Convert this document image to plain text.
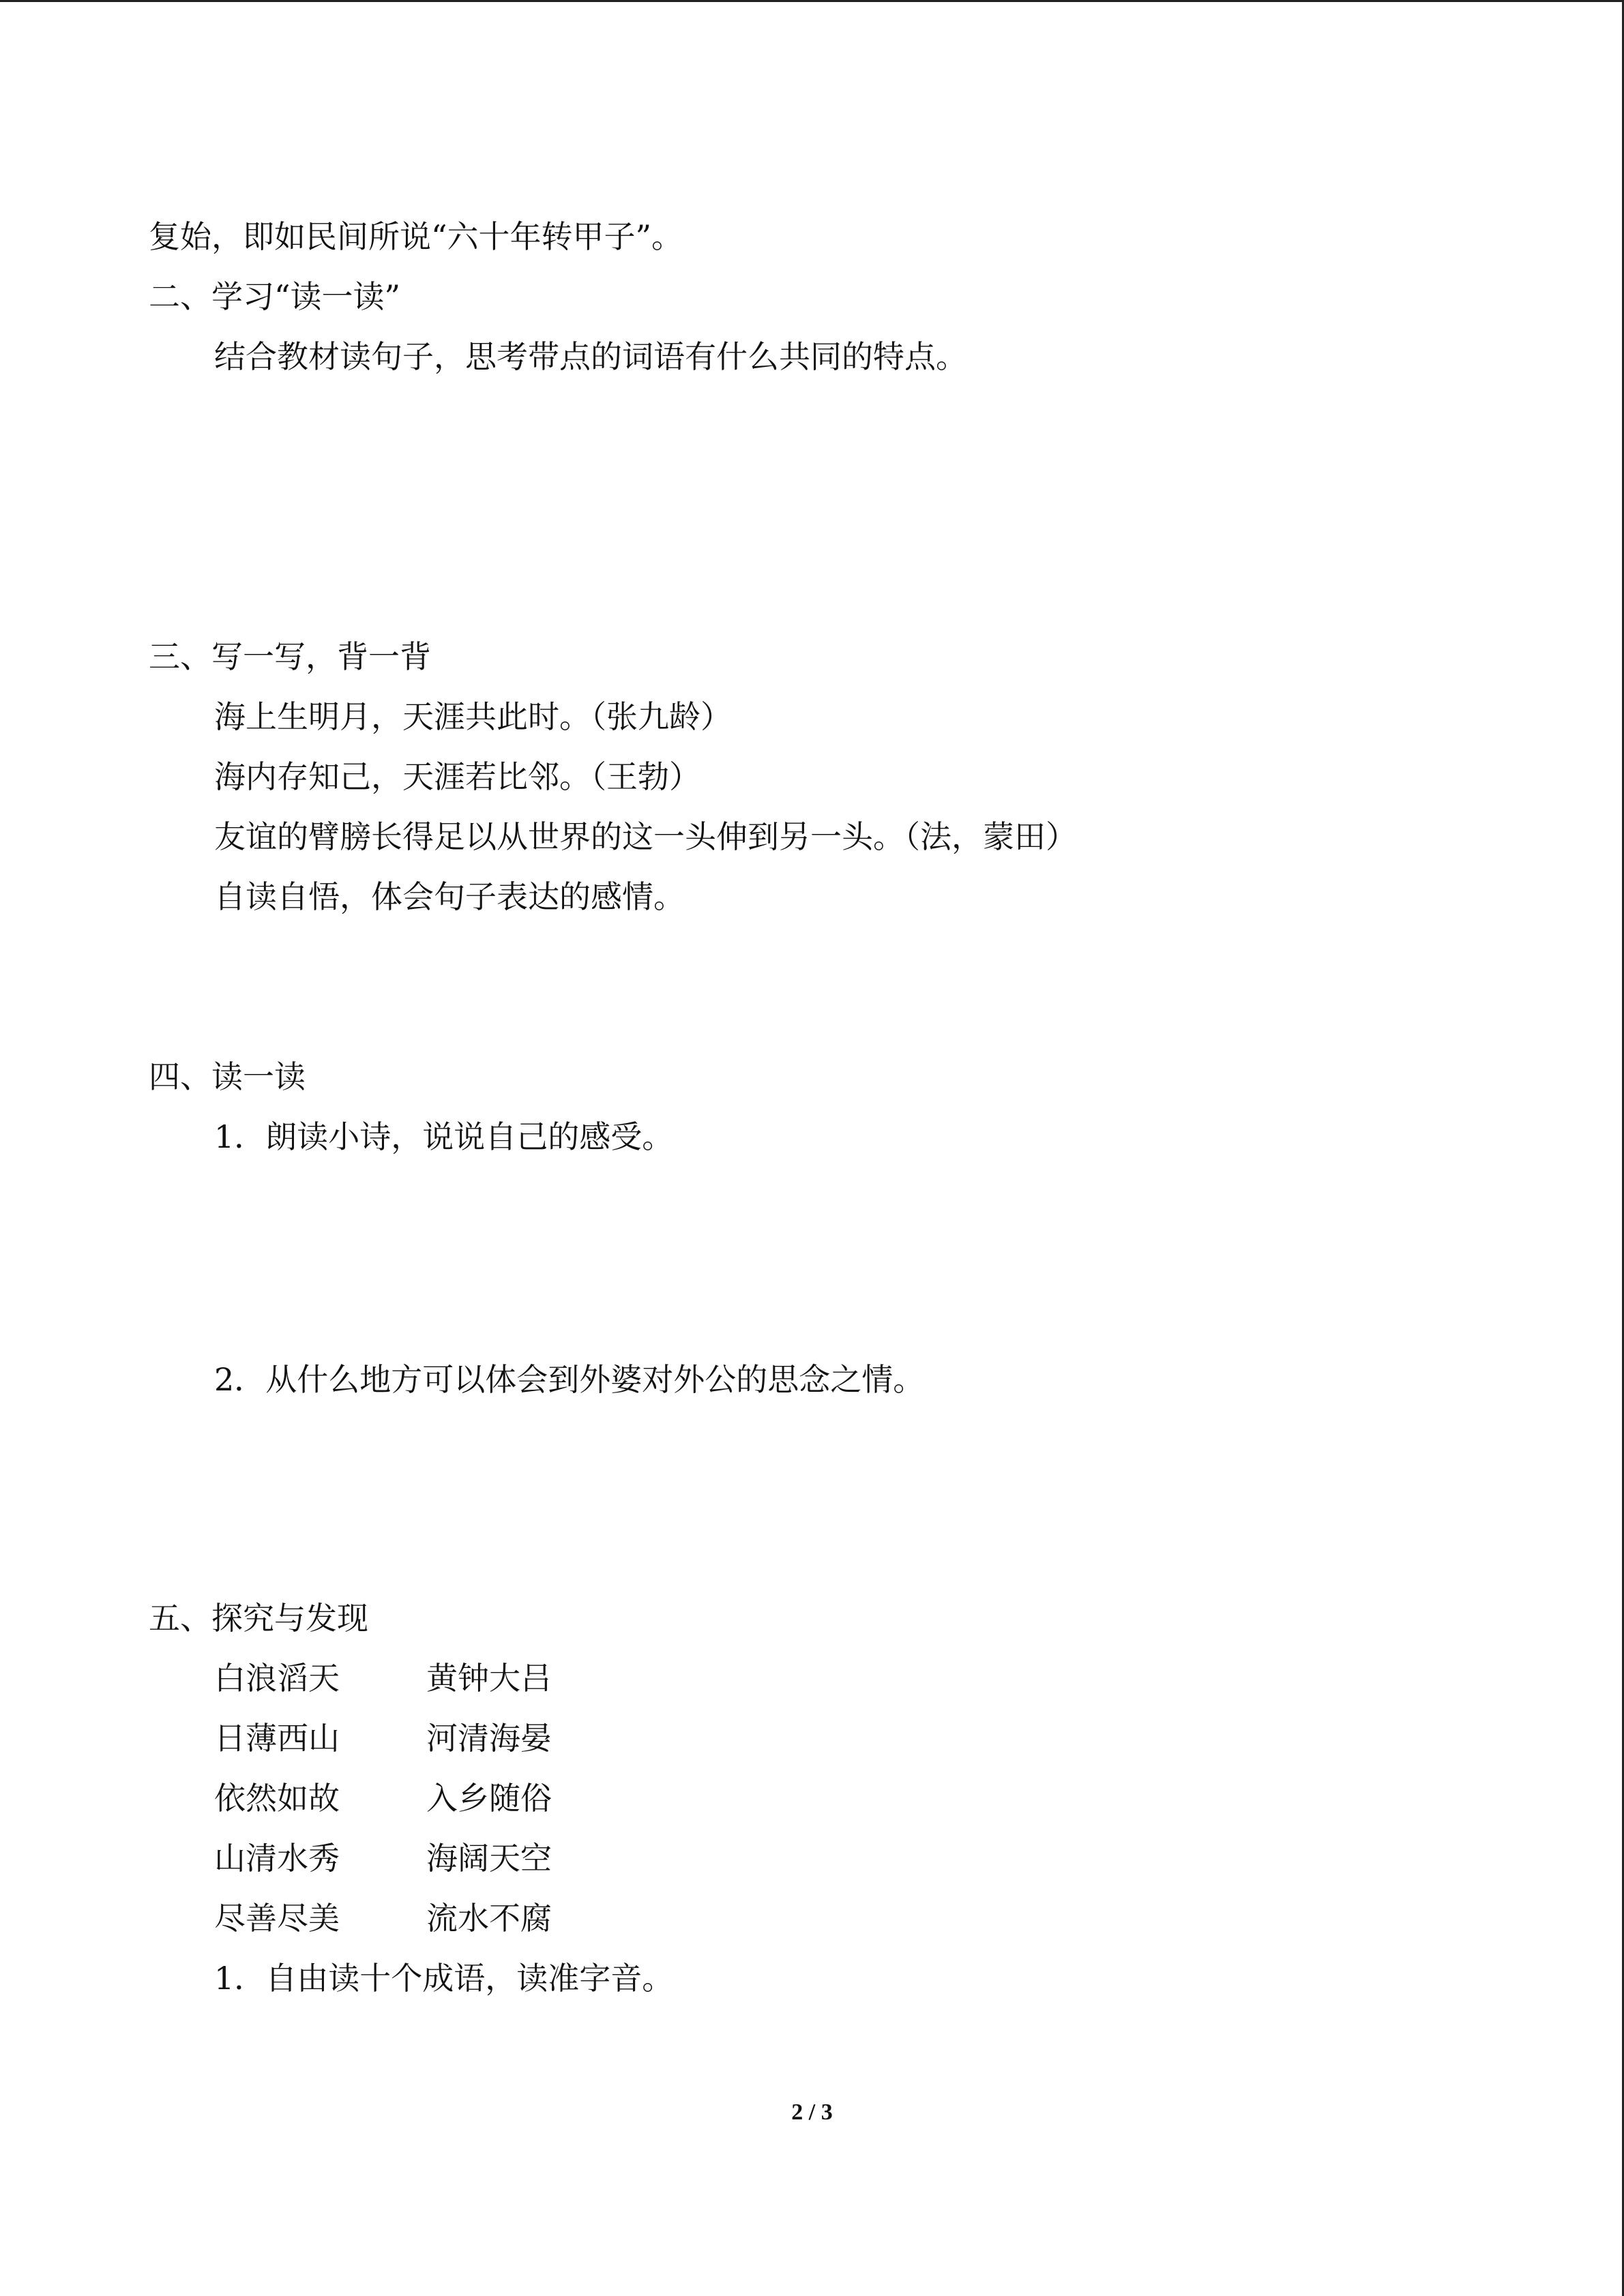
复始，即如民间所说“六十年转甲子”。
二、学习“读一读”
结合教材读句子，思考带点的词语有什么共同的特点。
三、写一写，背一背
海上生明月，天涯共此时。（张九龄）
海内存知己，天涯若比邻。（王勃）
友谊的臂膀长得足以从世界的这一头伸到另一头。（法，蒙田）
自读自悟，体会句子表达的感情。
四、读一读
1．朗读小诗，说说自己的感受。
2．从什么地方可以体会到外婆对外公的思念之情。
五、探究与发现
白浪滔天	黄钟大吕
日薄西山	河清海晏
依然如故	入乡随俗
山清水秀	海阔天空
尽善尽美	流水不腐
1．自由读十个成语，读准字音。
2 / 3
